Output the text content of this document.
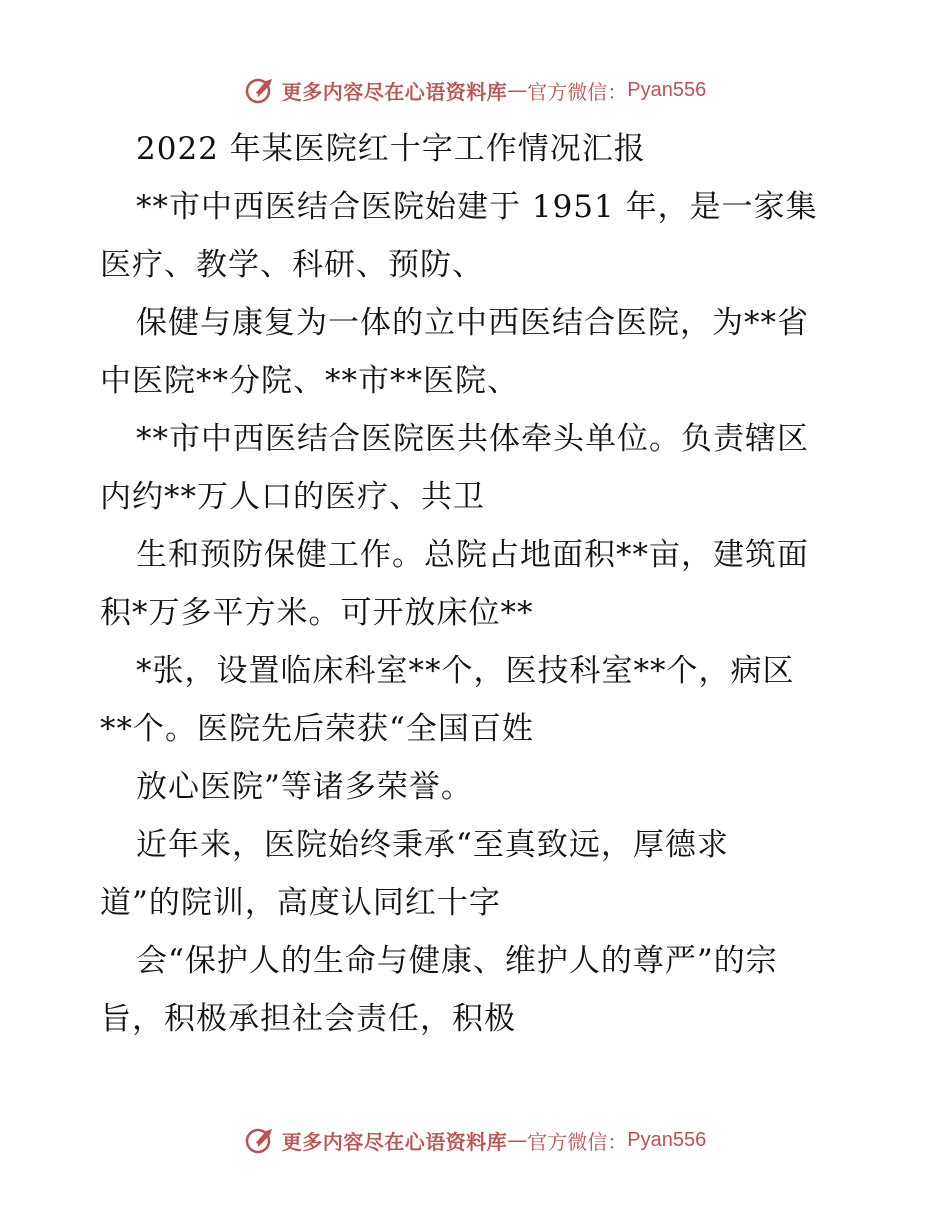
更多内容尽在心语资料库 — 官方微信： Pyan556
2022 年某医院红十字工作情况汇报
**市中西医结合医院始建于 1951 年，是一家集
医疗、教学、科研、预防、
保健与康复为一体的立中西医结合医院，为**省
中医院**分院、**市**医院、
**市中西医结合医院医共体牵头单位。负责辖区
内约**万人口的医疗、共卫
生和预防保健工作。总院占地面积**亩，建筑面
积*万多平方米。可开放床位**
*张，设置临床科室**个，医技科室**个，病区
**个。医院先后荣获“全国百姓
放心医院”等诸多荣誉。
近年来，医院始终秉承“至真致远，厚德求
道”的院训，高度认同红十字
会“保护人的生命与健康、维护人的尊严”的宗
旨，积极承担社会责任，积极
更多内容尽在心语资料库 — 官方微信： Pyan556
